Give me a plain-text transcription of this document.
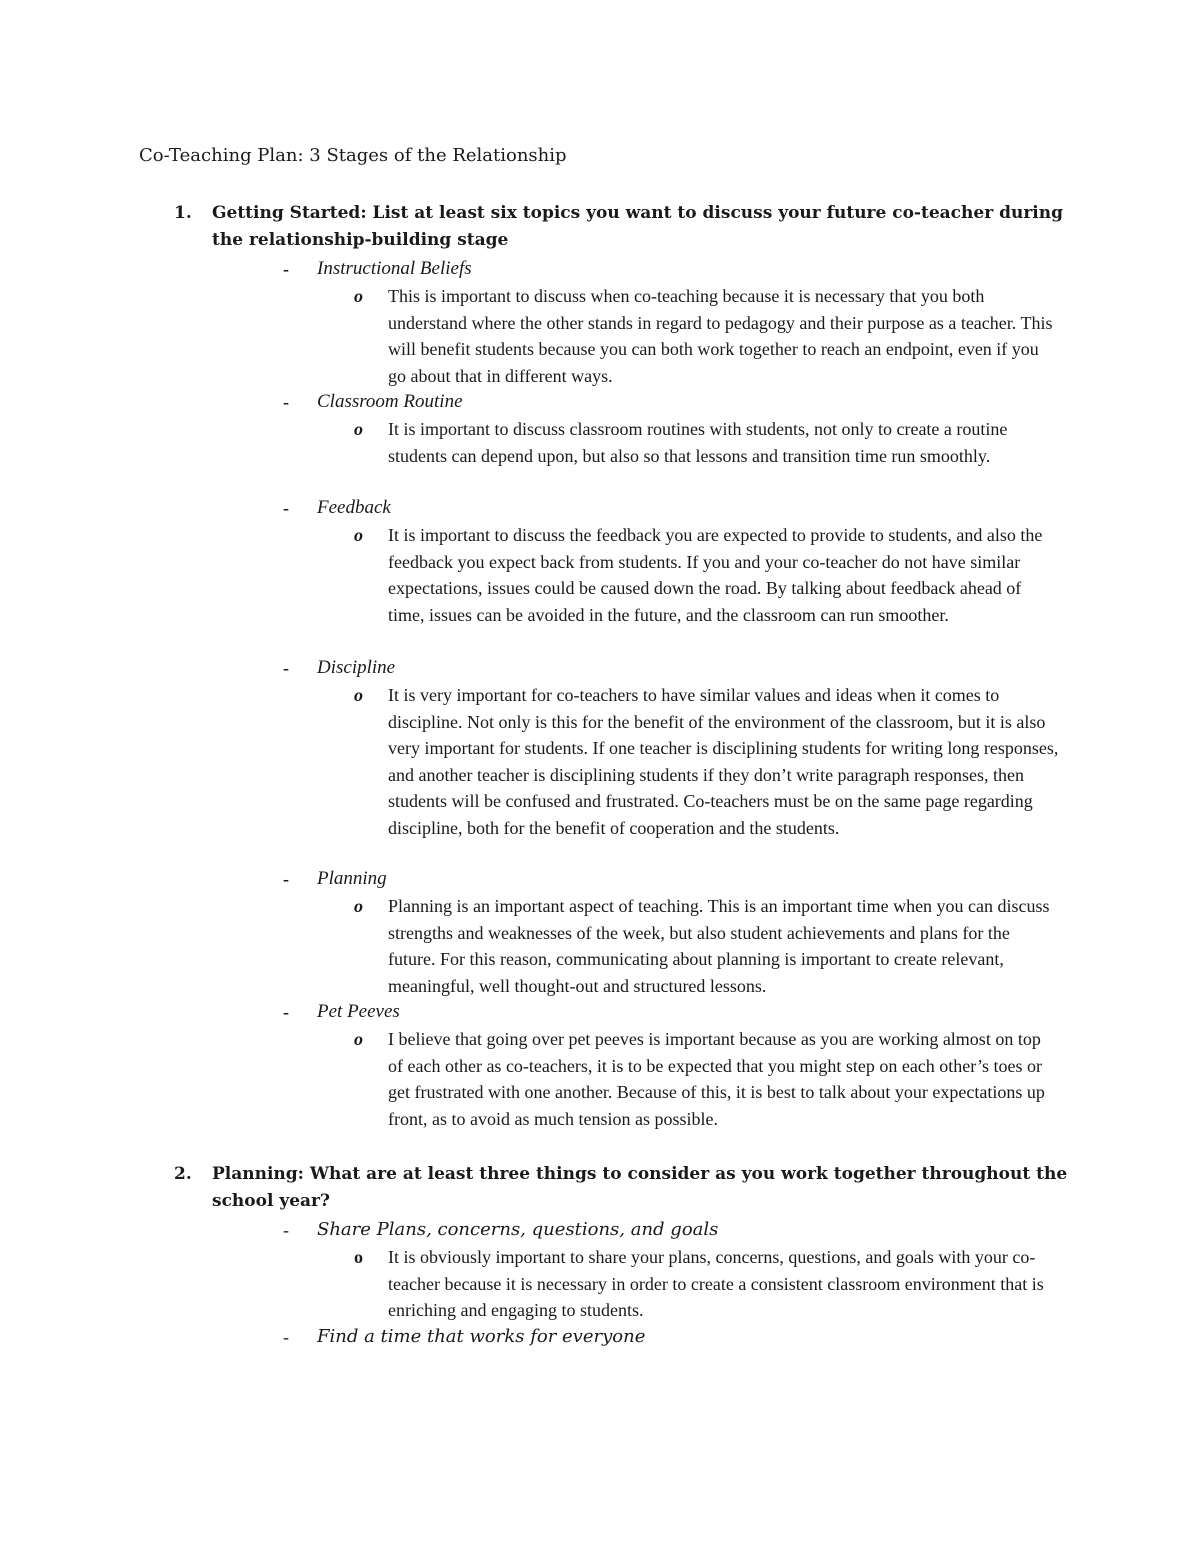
Co-Teaching Plan: 3 Stages of the Relationship
1. Getting Started: List at least six topics you want to discuss your future co-teacher during the relationship-building stage
- Instructional Beliefs
o This is important to discuss when co-teaching because it is necessary that you both understand where the other stands in regard to pedagogy and their purpose as a teacher. This will benefit students because you can both work together to reach an endpoint, even if you go about that in different ways.
- Classroom Routine
o It is important to discuss classroom routines with students, not only to create a routine students can depend upon, but also so that lessons and transition time run smoothly.
- Feedback
o It is important to discuss the feedback you are expected to provide to students, and also the feedback you expect back from students. If you and your co-teacher do not have similar expectations, issues could be caused down the road. By talking about feedback ahead of time, issues can be avoided in the future, and the classroom can run smoother.
- Discipline
o It is very important for co-teachers to have similar values and ideas when it comes to discipline. Not only is this for the benefit of the environment of the classroom, but it is also very important for students. If one teacher is disciplining students for writing long responses, and another teacher is disciplining students if they don’t write paragraph responses, then students will be confused and frustrated. Co-teachers must be on the same page regarding discipline, both for the benefit of cooperation and the students.
- Planning
o Planning is an important aspect of teaching. This is an important time when you can discuss strengths and weaknesses of the week, but also student achievements and plans for the future. For this reason, communicating about planning is important to create relevant, meaningful, well thought-out and structured lessons.
- Pet Peeves
o I believe that going over pet peeves is important because as you are working almost on top of each other as co-teachers, it is to be expected that you might step on each other’s toes or get frustrated with one another. Because of this, it is best to talk about your expectations up front, as to avoid as much tension as possible.
2. Planning: What are at least three things to consider as you work together throughout the school year?
- Share Plans, concerns, questions, and goals
o It is obviously important to share your plans, concerns, questions, and goals with your co-teacher because it is necessary in order to create a consistent classroom environment that is enriching and engaging to students.
- Find a time that works for everyone
